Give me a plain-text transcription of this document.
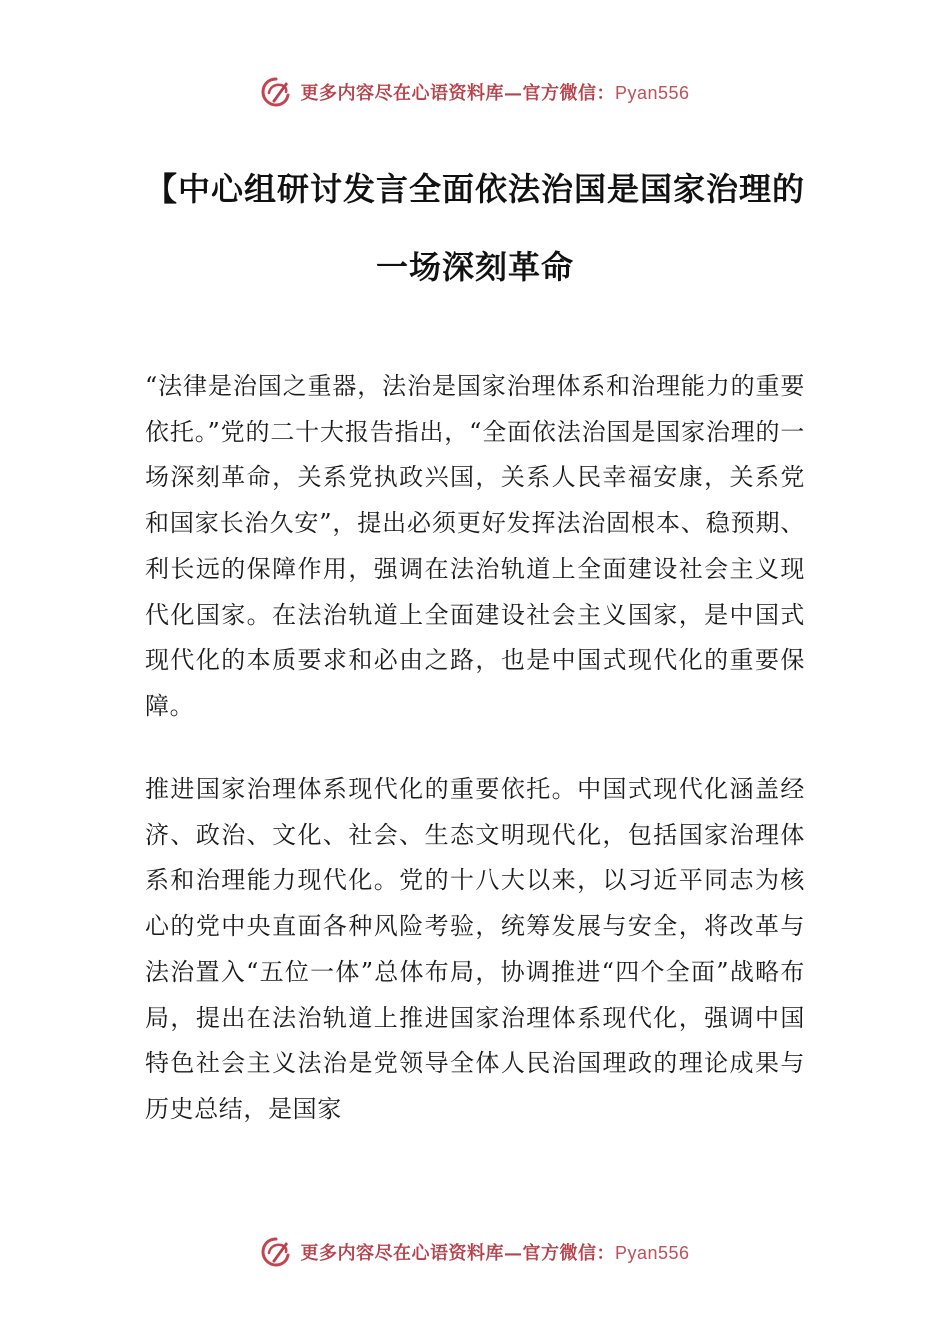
更多内容尽在心语资料库—官方微信：Pyan556
【中心组研讨发言全面依法治国是国家治理的一场深刻革命

“法律是治国之重器，法治是国家治理体系和治理能力的重要依托。”党的二十大报告指出，“全面依法治国是国家治理的一场深刻革命，关系党执政兴国，关系人民幸福安康，关系党和国家长治久安”，提出必须更好发挥法治固根本、稳预期、利长远的保障作用，强调在法治轨道上全面建设社会主义现代化国家。在法治轨道上全面建设社会主义国家，是中国式现代化的本质要求和必由之路，也是中国式现代化的重要保障。

推进国家治理体系现代化的重要依托。中国式现代化涵盖经济、政治、文化、社会、生态文明现代化，包括国家治理体系和治理能力现代化。党的十八大以来，以习近平同志为核心的党中央直面各种风险考验，统筹发展与安全，将改革与法治置入“五位一体”总体布局，协调推进“四个全面”战略布局，提出在法治轨道上推进国家治理体系现代化，强调中国特色社会主义法治是党领导全体人民治国理政的理论成果与历史总结，是国家

更多内容尽在心语资料库—官方微信：Pyan556
